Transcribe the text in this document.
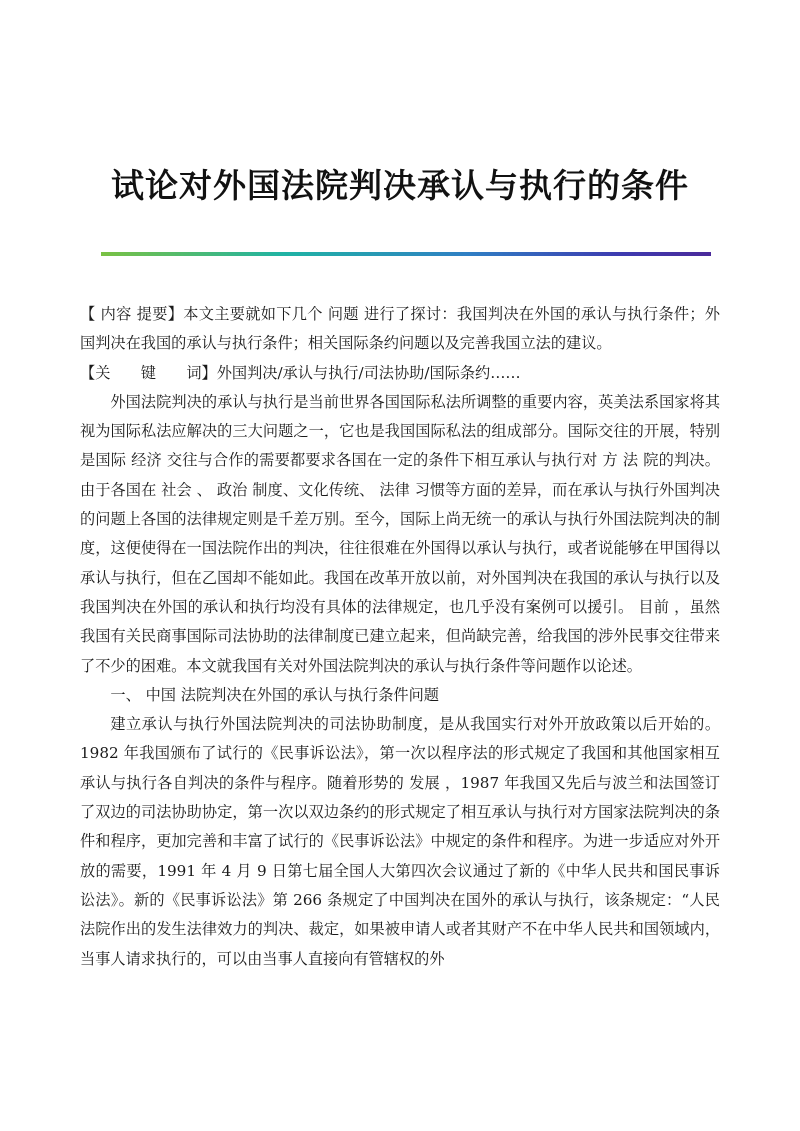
试论对外国法院判决承认与执行的条件

【 内容 提要】本文主要就如下几个 问题 进行了探讨：我国判决在外国的承认与执行条件；外国判决在我国的承认与执行条件；相关国际条约问题以及完善我国立法的建议。

【关　　键　　词】外国判决/承认与执行/司法协助/国际条约……

外国法院判决的承认与执行是当前世界各国国际私法所调整的重要内容，英美法系国家将其视为国际私法应解决的三大问题之一，它也是我国国际私法的组成部分。国际交往的开展，特别是国际 经济 交往与合作的需要都要求各国在一定的条件下相互承认与执行对 方 法 院的判决。由于各国在 社会 、 政治 制度、文化传统、 法律 习惯等方面的差异，而在承认与执行外国判决的问题上各国的法律规定则是千差万别。至今，国际上尚无统一的承认与执行外国法院判决的制度，这便使得在一国法院作出的判决，往往很难在外国得以承认与执行，或者说能够在甲国得以承认与执行，但在乙国却不能如此。我国在改革开放以前，对外国判决在我国的承认与执行以及我国判决在外国的承认和执行均没有具体的法律规定，也几乎没有案例可以援引。 目前 ，虽然我国有关民商事国际司法协助的法律制度已建立起来，但尚缺完善，给我国的涉外民事交往带来了不少的困难。本文就我国有关对外国法院判决的承认与执行条件等问题作以论述。

一、 中国 法院判决在外国的承认与执行条件问题

建立承认与执行外国法院判决的司法协助制度，是从我国实行对外开放政策以后开始的。1982 年我国颁布了试行的《民事诉讼法》，第一次以程序法的形式规定了我国和其他国家相互承认与执行各自判决的条件与程序。随着形势的 发展 ，1987 年我国又先后与波兰和法国签订了双边的司法协助协定，第一次以双边条约的形式规定了相互承认与执行对方国家法院判决的条件和程序，更加完善和丰富了试行的《民事诉讼法》中规定的条件和程序。为进一步适应对外开放的需要，1991 年 4 月 9 日第七届全国人大第四次会议通过了新的《中华人民共和国民事诉讼法》。新的《民事诉讼法》第 266 条规定了中国判决在国外的承认与执行，该条规定：“人民法院作出的发生法律效力的判决、裁定，如果被申请人或者其财产不在中华人民共和国领域内，当事人请求执行的，可以由当事人直接向有管辖权的外
